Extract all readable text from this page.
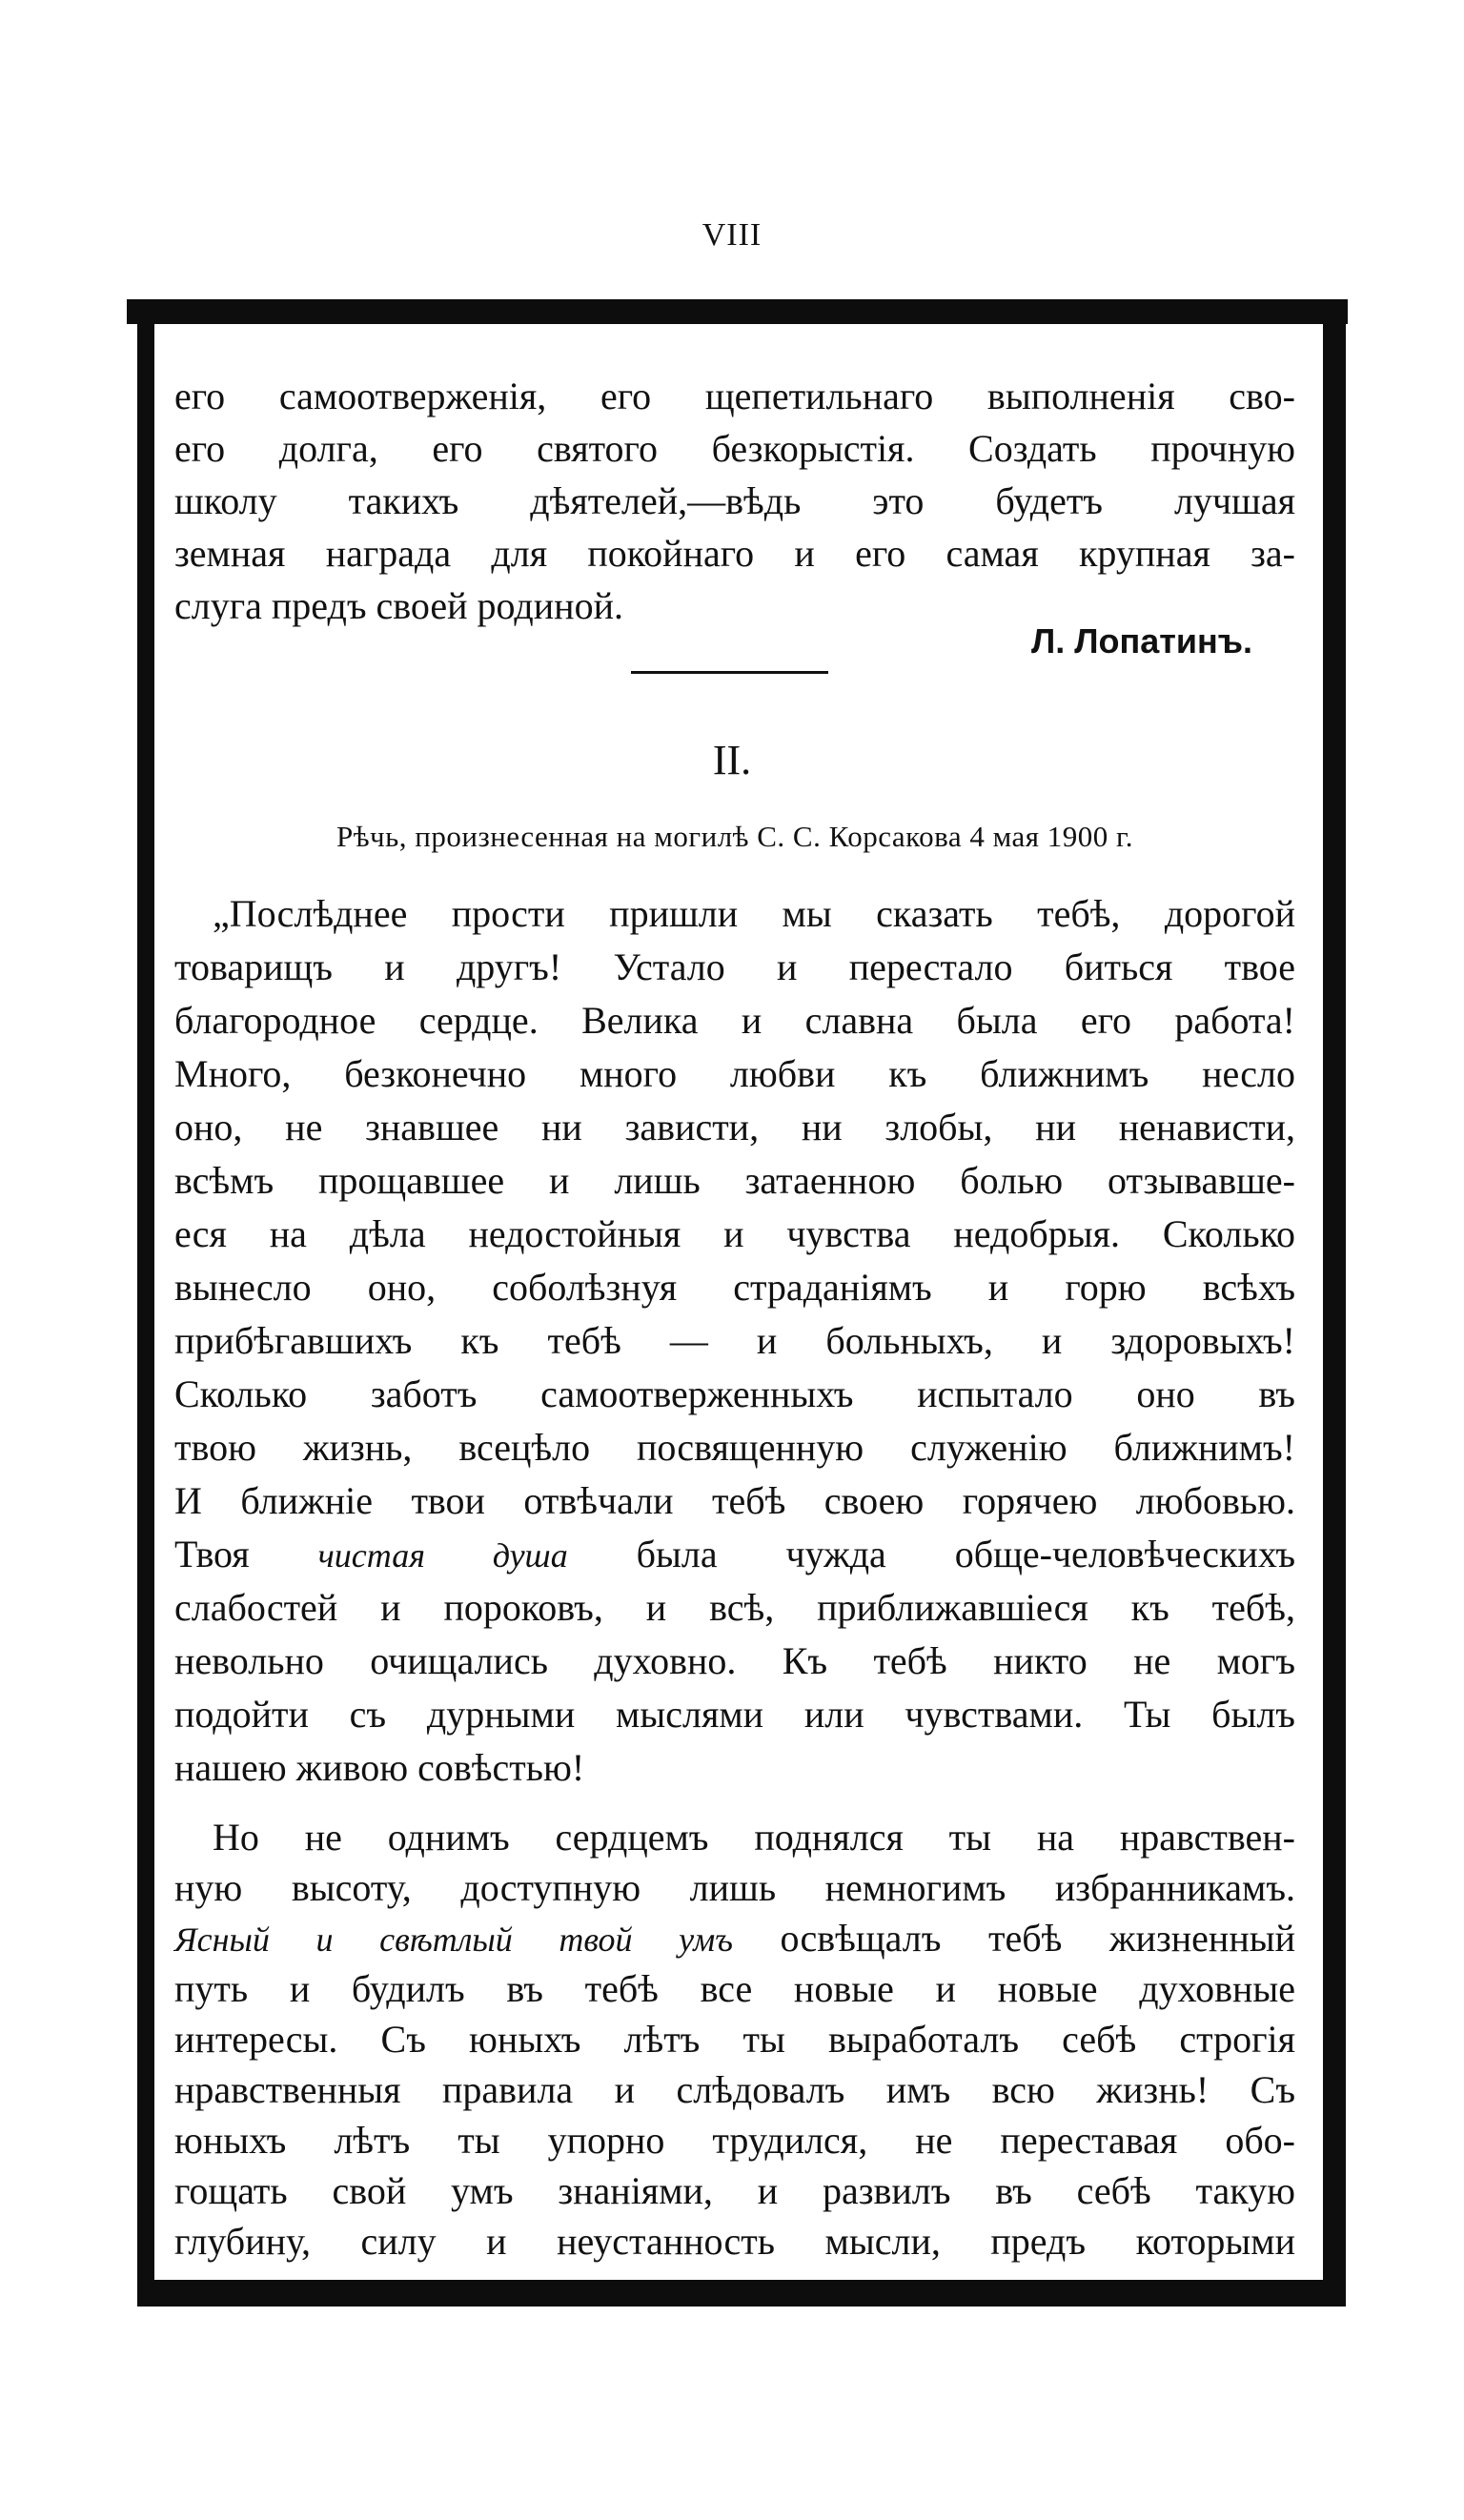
VIII
его самоотверженія, его щепетильнаго выполненія сво-
его долга, его святого безкорыстія. Создать прочную
школу такихъ дѣятелей,—вѣдь это будетъ лучшая
земная награда для покойнаго и его самая крупная за-
слуга предъ своей родиной.
Л. Лопатинъ.
II.
Рѣчь, произнесенная на могилѣ С. С. Корсакова 4 мая 1900 г.
„Послѣднее прости пришли мы сказать тебѣ, дорогой
товарищъ и другъ! Устало и перестало биться твое
благородное сердце. Велика и славна была его работа!
Много, безконечно много любви къ ближнимъ несло
оно, не знавшее ни зависти, ни злобы, ни ненависти,
всѣмъ прощавшее и лишь затаенною болью отзывавше-
еся на дѣла недостойныя и чувства недобрыя. Сколько
вынесло оно, соболѣзнуя страданіямъ и горю всѣхъ
прибѣгавшихъ къ тебѣ — и больныхъ, и здоровыхъ!
Сколько заботъ самоотверженныхъ испытало оно въ
твою жизнь, всецѣло посвященную служенію ближнимъ!
И ближніе твои отвѣчали тебѣ своею горячею любовью.
Твоя чистая душа была чужда обще-человѣческихъ
слабостей и пороковъ, и всѣ, приближавшіеся къ тебѣ,
невольно очищались духовно. Къ тебѣ никто не могъ
подойти съ дурными мыслями или чувствами. Ты былъ
нашею живою совѣстью!
Но не однимъ сердцемъ поднялся ты на нравствен-
ную высоту, доступную лишь немногимъ избранникамъ.
Ясный и свѣтлый твой умъ освѣщалъ тебѣ жизненный
путь и будилъ въ тебѣ все новые и новые духовные
интересы. Съ юныхъ лѣтъ ты выработалъ себѣ строгія
нравственныя правила и слѣдовалъ имъ всю жизнь! Съ
юныхъ лѣтъ ты упорно трудился, не переставая обо-
гощать свой умъ знаніями, и развилъ въ себѣ такую
глубину, силу и неустанность мысли, предъ которыми
